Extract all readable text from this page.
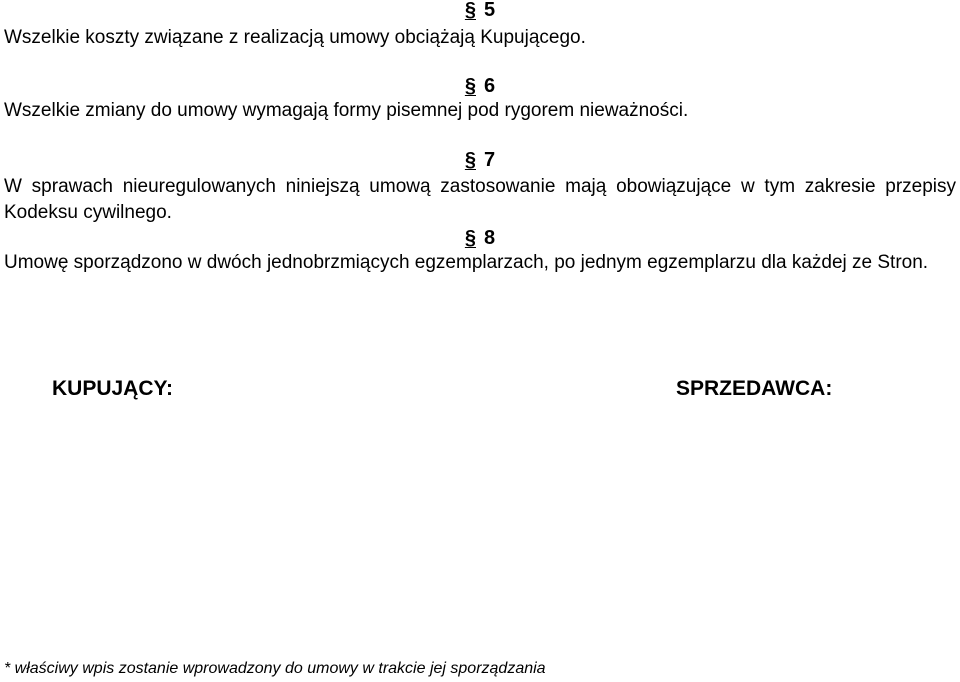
§ 5

Wszelkie koszty związane z realizacją umowy obciążają Kupującego.

§ 6

Wszelkie zmiany do umowy wymagają formy pisemnej pod rygorem nieważności.

§ 7

W sprawach nieuregulowanych niniejszą umową zastosowanie mają obowiązujące w tym zakresie przepisy Kodeksu cywilnego.

§ 8

Umowę sporządzono w dwóch jednobrzmiących egzemplarzach, po jednym egzemplarzu dla każdej ze Stron.

KUPUJĄCY:	SPRZEDAWCA:
* właściwy wpis zostanie wprowadzony do umowy w trakcie jej sporządzania
